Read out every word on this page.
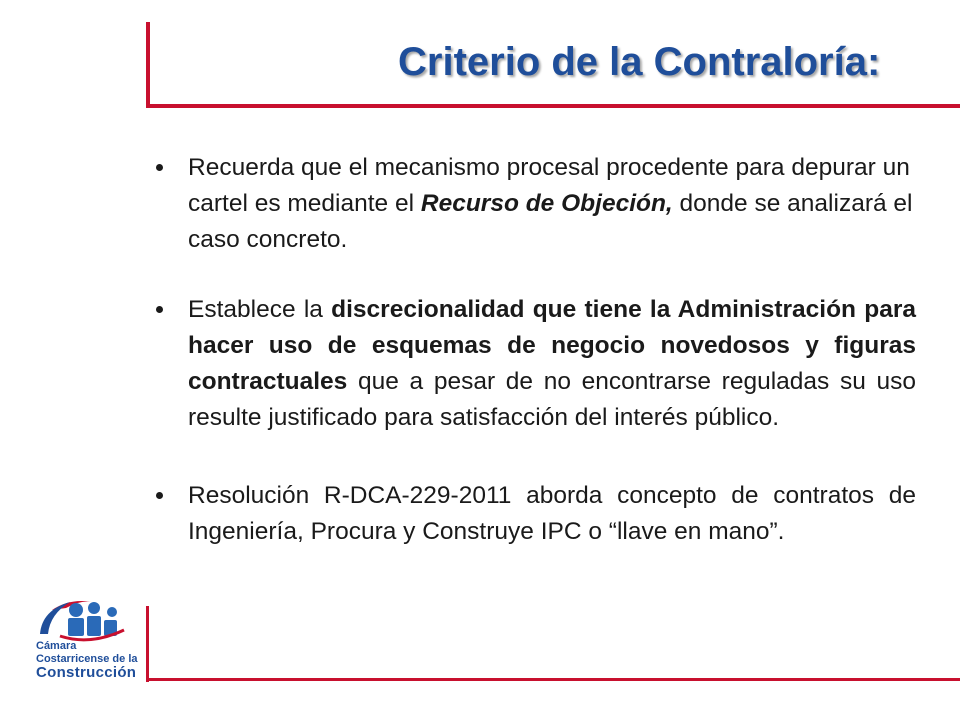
Criterio de la Contraloría:
Recuerda que el mecanismo procesal procedente para depurar un cartel es mediante el Recurso de Objeción, donde se analizará el caso concreto.
Establece la discrecionalidad que tiene la Administración para hacer uso de esquemas de negocio novedosos y figuras contractuales que a pesar de no encontrarse reguladas su uso resulte justificado para satisfacción del interés público.
Resolución R-DCA-229-2011 aborda concepto de contratos de Ingeniería, Procura y Construye IPC o “llave en mano”.
Cámara
Costarricense de la
Construcción
